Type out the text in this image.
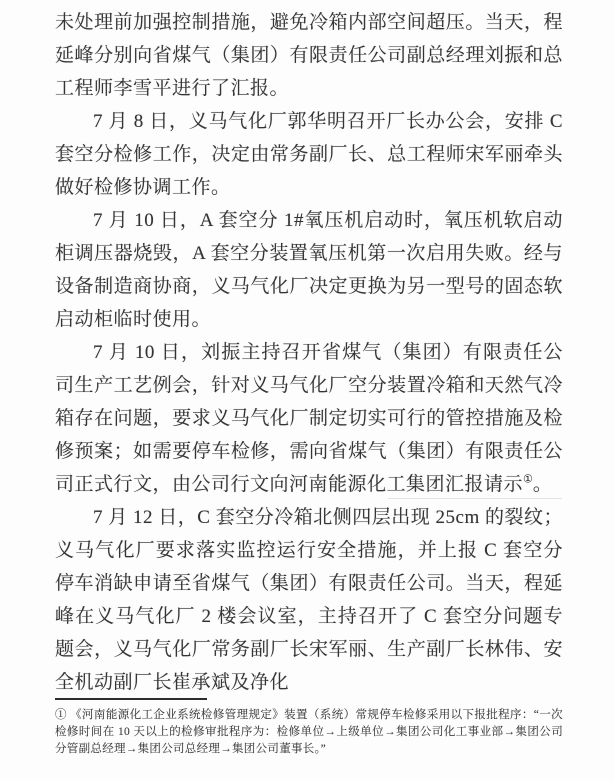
未处理前加强控制措施，避免冷箱内部空间超压。当天，程延峰分别向省煤气（集团）有限责任公司副总经理刘振和总工程师李雪平进行了汇报。

7 月 8 日，义马气化厂郭华明召开厂长办公会，安排 C 套空分检修工作，决定由常务副厂长、总工程师宋军丽牵头做好检修协调工作。

7 月 10 日，A 套空分 1#氧压机启动时，氧压机软启动柜调压器烧毁，A 套空分装置氧压机第一次启用失败。经与设备制造商协商，义马气化厂决定更换为另一型号的固态软启动柜临时使用。

7 月 10 日，刘振主持召开省煤气（集团）有限责任公司生产工艺例会，针对义马气化厂空分装置冷箱和天然气冷箱存在问题，要求义马气化厂制定切实可行的管控措施及检修预案；如需要停车检修，需向省煤气（集团）有限责任公司正式行文，由公司行文向河南能源化工集团汇报请示①。

7 月 12 日，C 套空分冷箱北侧四层出现 25cm 的裂纹；义马气化厂要求落实监控运行安全措施，并上报 C 套空分停车消缺申请至省煤气（集团）有限责任公司。当天，程延峰在义马气化厂 2 楼会议室，主持召开了 C 套空分问题专题会，义马气化厂常务副厂长宋军丽、生产副厂长林伟、安全机动副厂长崔承斌及净化

① 《河南能源化工企业系统检修管理规定》装置（系统）常规停车检修采用以下报批程序：“一次检修时间在 10 天以上的检修审批程序为：检修单位→上级单位→集团公司化工事业部→集团公司分管副总经理→集团公司总经理→集团公司董事长。”
